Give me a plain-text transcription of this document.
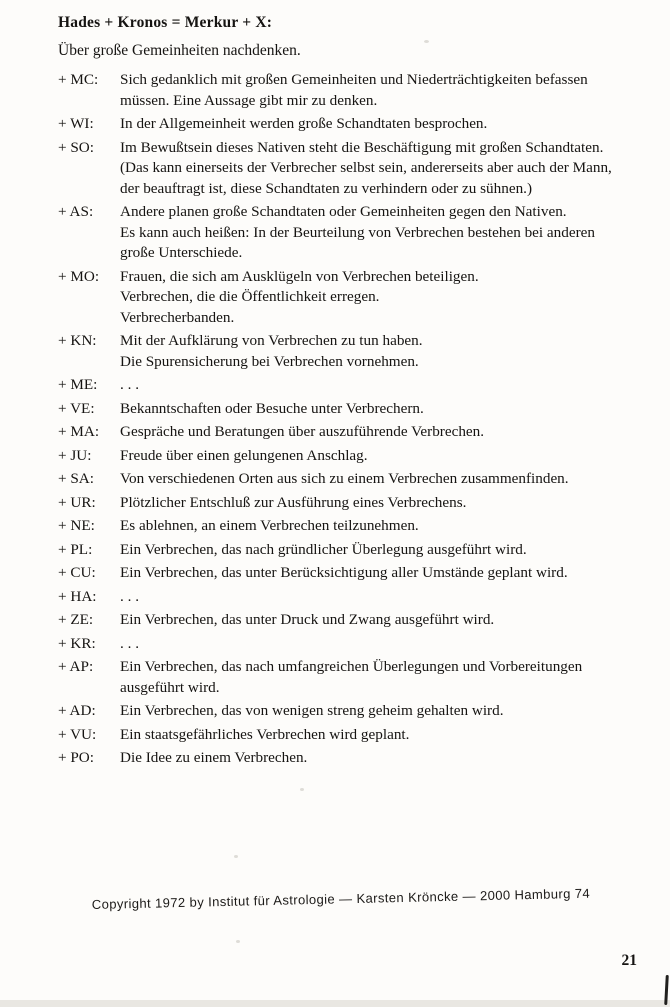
Hades + Kronos = Merkur + X:
Über große Gemeinheiten nachdenken.
+ MC:	Sich gedanklich mit großen Gemeinheiten und Niederträchtigkeiten befassen
müssen. Eine Aussage gibt mir zu denken.
+ WI:	In der Allgemeinheit werden große Schandtaten besprochen.
+ SO:	Im Bewußtsein dieses Nativen steht die Beschäftigung mit großen Schandtaten.
(Das kann einerseits der Verbrecher selbst sein, andererseits aber auch der Mann,
der beauftragt ist, diese Schandtaten zu verhindern oder zu sühnen.)
+ AS:	Andere planen große Schandtaten oder Gemeinheiten gegen den Nativen.
Es kann auch heißen: In der Beurteilung von Verbrechen bestehen bei anderen
große Unterschiede.
+ MO:	Frauen, die sich am Ausklügeln von Verbrechen beteiligen.
Verbrechen, die die Öffentlichkeit erregen.
Verbrecherbanden.
+ KN:	Mit der Aufklärung von Verbrechen zu tun haben.
Die Spurensicherung bei Verbrechen vornehmen.
+ ME:	. . .
+ VE:	Bekanntschaften oder Besuche unter Verbrechern.
+ MA:	Gespräche und Beratungen über auszuführende Verbrechen.
+ JU:	Freude über einen gelungenen Anschlag.
+ SA:	Von verschiedenen Orten aus sich zu einem Verbrechen zusammenfinden.
+ UR:	Plötzlicher Entschluß zur Ausführung eines Verbrechens.
+ NE:	Es ablehnen, an einem Verbrechen teilzunehmen.
+ PL:	Ein Verbrechen, das nach gründlicher Überlegung ausgeführt wird.
+ CU:	Ein Verbrechen, das unter Berücksichtigung aller Umstände geplant wird.
+ HA:	. . .
+ ZE:	Ein Verbrechen, das unter Druck und Zwang ausgeführt wird.
+ KR:	. . .
+ AP:	Ein Verbrechen, das nach umfangreichen Überlegungen und Vorbereitungen
ausgeführt wird.
+ AD:	Ein Verbrechen, das von wenigen streng geheim gehalten wird.
+ VU:	Ein staatsgefährliches Verbrechen wird geplant.
+ PO:	Die Idee zu einem Verbrechen.
Copyright 1972 by Institut für Astrologie — Karsten Kröncke — 2000 Hamburg 74
21
